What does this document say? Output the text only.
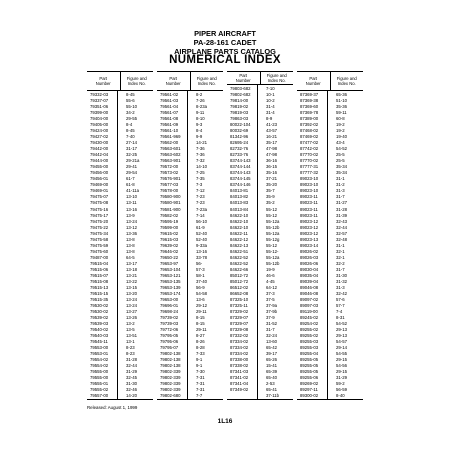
PIPER AIRCRAFT
PA-28-161 CADET
AIRPLANE PARTS CATALOG
NUMERICAL INDEX
Part
Number
Figure and
Index No.
79332-03
79337-07
79351-06
79399-00
79404-00
79405-00
79424-00
79427-02
79430-00
79442-00
79442-04
79444-00
79455-00
79456-00
79456-01
79469-00
79469-01
79475-07
79475-08
79475-16
79475-17
79475-20
79475-22
79475-34
79475-58
79475-59
79475-60
79487-00
79515-04
79515-06
79515-07
79515-08
79515-13
79515-15
79515-35
79530-02
79530-02
79539-02
79539-03
79540-02
79540-03
79545-11
79553-00
79553-01
79554-02
79554-02
79555-00
79555-00
79555-01
79555-02
79557-00
8-45
55-6
55-10
34-2
29-55
8-4
8-45
7-40
27-14
31-17
32-25
29-21a
29-41
29-54
61-7
61-8
41-11a
13-10
13-11
13-16
13-9
13-24
13-12
13-36
13-8
13-8
13-8
64-5
13-17
13-18
13-21
13-22
13-15
13-20
13-24
13-24
13-27
13-26
13-2
13-5
13-51
13-1
8-23
8-23
31-28
32-44
31-29
32-45
31-30
32-46
14-20
Part
Number
Figure and
Index No.
79561-02
79561-03
79561-04
79561-07
79561-08
79561-09
79561-10
79561-969
79562-00
79563-601
79563-602
79563-901
79572-00
79573-02
79576-901
79577-03
79578-00
79580-900
79580-901
79581-900
79582-02
79595-19
79599-00
79615-02
79615-03
79639-02
79646-02
79650-22
79653-97
79653-104
79653-121
79653-135
79653-139
79653-174
79653-00
79696-01
79698-24
79739-02
79739-03
79772-06
79795-05
79795-06
79795-07
79802-138
79802-138
79802-138
79802-339
79802-339
79802-339
79802-339
79802-680
8-2
7-26
8-23a
9-11
8-10
9-3
8-4
9-9
14-21
7-36
7-36
7-32
14-10
7-25
7-35
7-3
7-12
7-23
7-23
7-23a
7-14
56-10
61-9
52-40
52-40
9-33a
13-16
33-78
56-
57-3
58-1
37-40
56-9
54-58
13-6
29-12
29-11
8-15
8-15
29-11
8-27
8-26
8-28
7-33
9-1
9-1
7-30
7-31
7-31
7-31
7-7
Part
Number
Figure and
Index No.
79803-682
79802-682
79814-00
79819-02
79819-03
79863-03
80022-104
80032-69
81342-96
82695-24
82732-76
82733-76
83744-143
83744-144
83744-143
83744-145
83744-146
84013-81
84013-82
84013-83
84013-84
84622-10
84622-10
84622-10
84622-11
84622-12
84622-13
84622-51
84622-52
84622-52
84622-66
85012-72
85012-72
86512-02
86652-08
87325-10
87325-11
87329-02
87329-07
87329-07
87329-08
87332-02
87334-02
87334-02
87334-02
87338-00
87338-02
87341-03
87341-02
87341-04
87349-02
7-10
10-1
10-2
31-4
31-4
8-9
41-23
43-57
16-21
35-17
47-98
47-98
36-16
36-15
35-16
37-21
35-20
35-7
35-9
35-2
55-12
55-12
55-12a
55-12b
55-12a
55-12g
55-12
55-12-
55-12a
55-12b
19-9
46-6
4-45
64-12
37-3
37-5
37-9a
37-9b
37-9
31-52
31-7
32-24
13-60
65-42
39-17
65-26
15-41
65-39
65-40
2-53
65-41
37-11b
Part
Number
Figure and
Index No.
87369-37
87369-38
87369-60
87369-78
87389-00
87392-02
87468-02
87469-02
87477-02
87742-02
87770-02
87770-02
87777-31
87777-32
89023-10
89023-10
89023-10
89023-11
89023-11
89023-11
89023-11
89023-12
89023-12
89023-12
89023-13
89023-14
89026-02
89026-03
89026-06
89030-04
89035-04
89039-04
89046-08
89046-08
89097-02
89097-03
89119-00
89245-02
89254-02
89255-02
89255-02
89255-03
89255-03
89255-04
89255-05
89255-05
89255-05
89255-06
89269-02
89297-11
89300-02
65-36
51-10
35-36
59-11
60-8
19-2
19-2
19-40
43-4
54-52
25-5
25-5
35-34
35-34
31-1
31-2
31-3
31-7
31-27
31-28
31-39
32-43
32-44
32-57
32-48
31-1
32-1
32-1
32-2
31-7
31-30
31-32
31-3
32-42
57-6
57-7
7-4
8-31
54-52
29-13
29-13
54-57
29-14
54-55
29-15
54-56
29-15
31-29
59-2
56-59
8-40
Released: August 1, 1999
1L16
